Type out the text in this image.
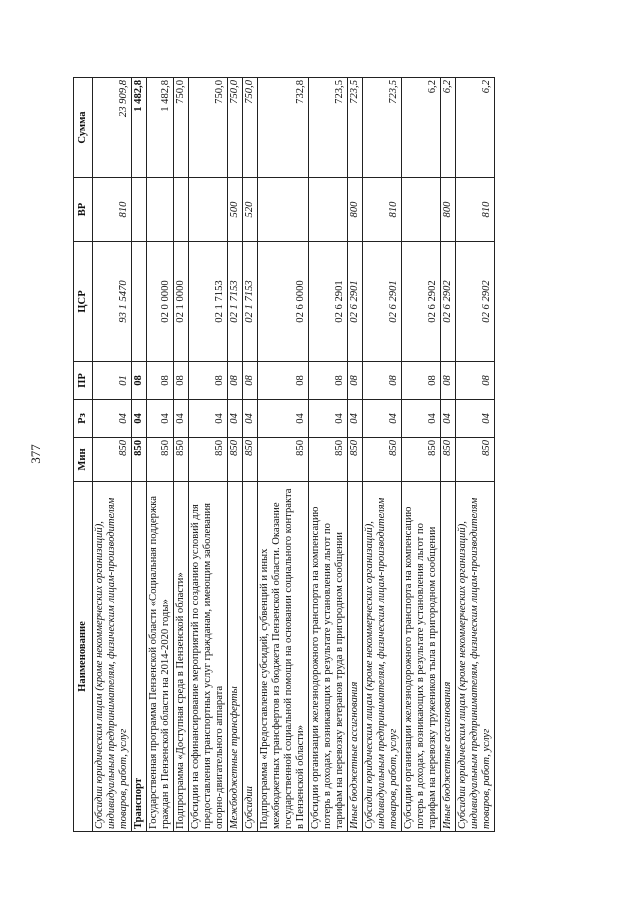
377
Наименование	Мин	Рз	ПР	ЦСР	ВР	Сумма
Субсидии юридическим лицам (кроме некоммерческих организаций), индивидуальным предпринимателям, физическим лицам-производителям товаров, работ, услуг	850	04	01	93 1 5470	810	23 909,8
Транспорт	850	04	08			1 482,8
Государственная программа Пензенской области «Социальная поддержка граждан в Пензенской области на 2014-2020 годы»	850	04	08	02 0 0000		1 482,8
Подпрограмма «Доступная среда в Пензенской области»	850	04	08	02 1 0000		750,0
Субсидии на софинансирование мероприятий по созданию условий для предоставления транспортных услуг гражданам, имеющим заболевания опорно-двигательного аппарата	850	04	08	02 1 7153		750,0
Межбюджетные трансферты	850	04	08	02 1 7153	500	750,0
Субсидии	850	04	08	02 1 7153	520	750,0
Подпрограмма «Предоставление субсидий, субвенций и иных межбюджетных трансфертов из бюджета Пензенской области. Оказание государственной социальной помощи на основании социального контракта в Пензенской области»	850	04	08	02 6 0000		732,8
Субсидии организации железнодорожного транспорта на компенсацию потерь в доходах, возникающих в результате установления льгот по тарифам на перевозку ветеранов труда в пригородном сообщении	850	04	08	02 6 2901		723,5
Иные бюджетные ассигнования	850	04	08	02 6 2901	800	723,5
Субсидии юридическим лицам (кроме некоммерческих организаций), индивидуальным предпринимателям, физическим лицам-производителям товаров, работ, услуг	850	04	08	02 6 2901	810	723,5
Субсидии организации железнодорожного транспорта на компенсацию потерь в доходах, возникающих в результате установления льгот по тарифам на перевозку тружеников тыла в пригородном сообщении	850	04	08	02 6 2902		6,2
Иные бюджетные ассигнования	850	04	08	02 6 2902	800	6,2
Субсидии юридическим лицам (кроме некоммерческих организаций), индивидуальным предпринимателям, физическим лицам-производителям товаров, работ, услуг	850	04	08	02 6 2902	810	6,2
